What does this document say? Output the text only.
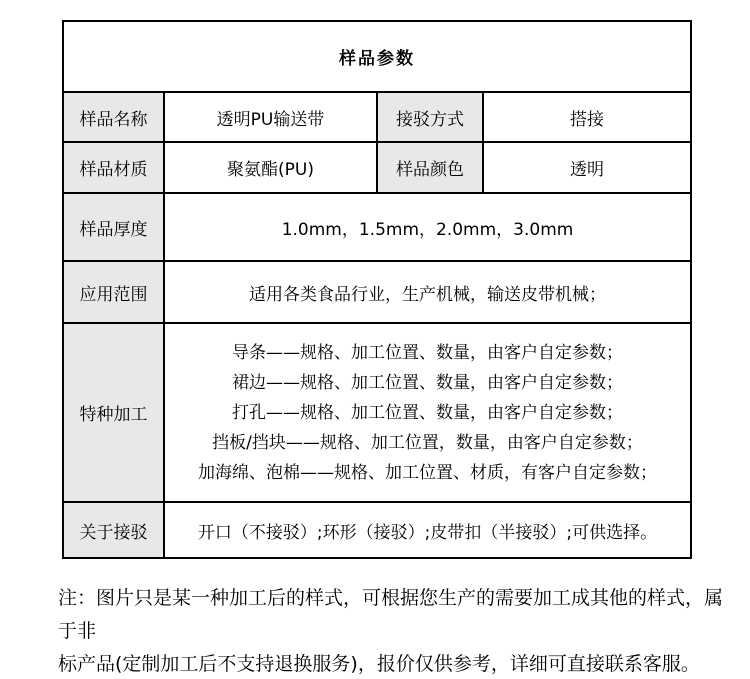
样品参数			
样品名称	透明PU输送带	接驳方式	搭接
样品材质	聚氨酯(PU)	样品颜色	透明
样品厚度	1.0mm，1.5mm，2.0mm，3.0mm		
应用范围	适用各类食品行业，生产机械，输送皮带机械；		
特种加工	导条——规格、加工位置、数量，由客户自定参数；
裙边——规格、加工位置、数量，由客户自定参数；
打孔——规格、加工位置、数量，由客户自定参数；
挡板/挡块——规格、加工位置，数量，由客户自定参数；
加海绵、泡棉——规格、加工位置、材质，有客户自定参数；		

关于接驳	开口（不接驳）;环形（接驳）;皮带扣（半接驳）;可供选择。		
注：图片只是某一种加工后的样式，可根据您生产的需要加工成其他的样式，属于非
标产品(定制加工后不支持退换服务)，报价仅供参考，详细可直接联系客服。
